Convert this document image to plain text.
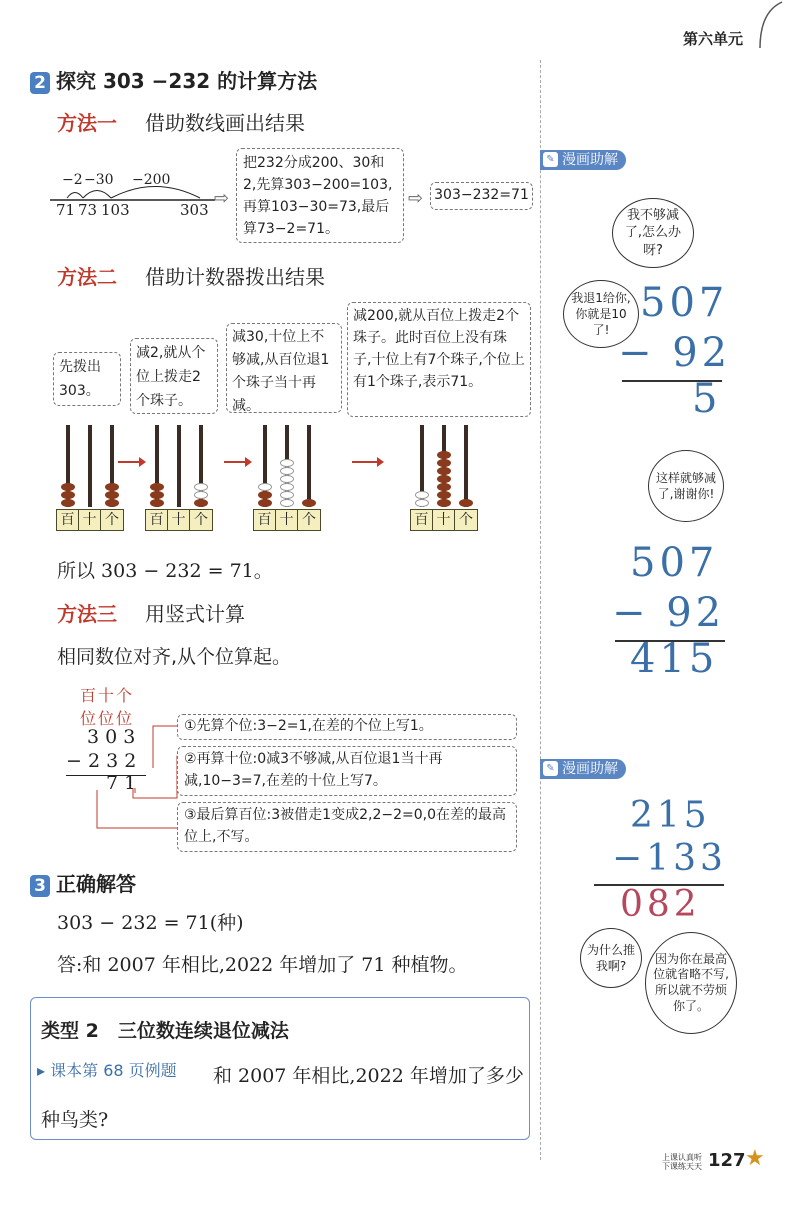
第六单元
2 探究 303 −232 的计算方法
方法一 借助数线画出结果
−2 −30 −200
71 73 103	303
⇨
把232分成200、30和2,先算303−200=103,再算103−30=73,最后算73−2=71。
⇨ 303−232=71
方法二 借助计数器拨出结果
先拨出303。
减2,就从个位上拨走2个珠子。
减30,十位上不够减,从百位退1个珠子当十再减。
减200,就从百位上拨走2个珠子。此时百位上没有珠子,十位上有7个珠子,个位上有1个珠子,表示71。
百 十 个 百 十 个	百 十 个	百 十 个
所以 303 − 232 = 71。
方法三 用竖式计算
相同数位对齐,从个位算起。
百十个
位位位
3 0 3
− 2 3 2
7 1
①先算个位:3−2=1,在差的个位上写1。
②再算十位:0减3不够减,从百位退1当十再减,10−3=7,在差的十位上写7。
③最后算百位:3被借走1变成2,2−2=0,0在差的最高位上,不写。
3 正确解答
303 − 232 = 71(种)
答:和 2007 年相比,2022 年增加了 71 种植物。
类型 2　三位数连续退位减法
▸ 课本第 68 页例题	和 2007 年相比,2022 年增加了多少种鸟类?
✎ 漫画助解
我不够减了,怎么办呀?
我退1给你,你就是10了!
507
− 92
5
这样就够减了,谢谢你!
507
− 92
415
✎ 漫画助解
215
−133
082
为什么推我啊?
因为你在最高位就省略不写,所以就不劳烦你了。
上课认真听
下课练天天 127 ★
